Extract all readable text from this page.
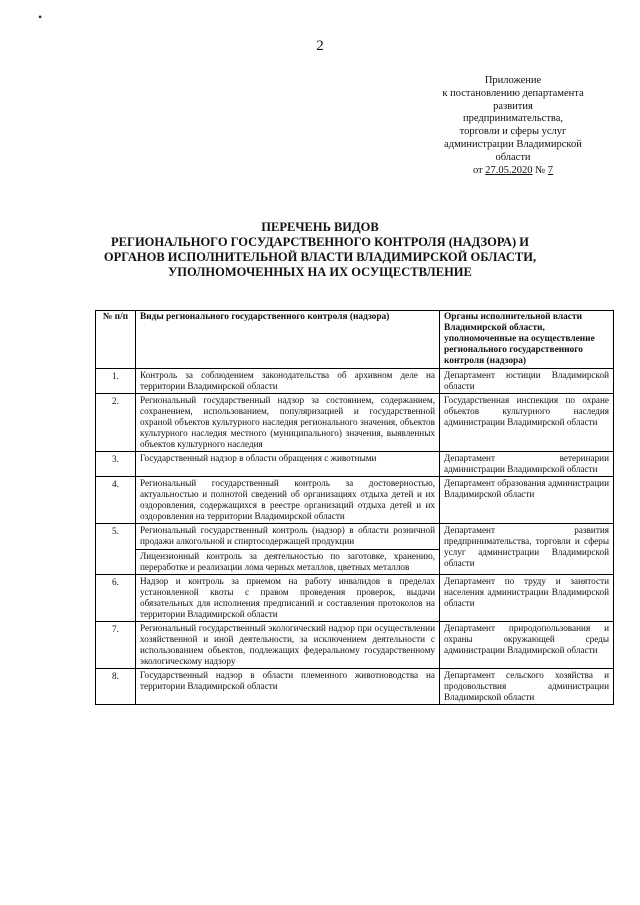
•
2
Приложение
к постановлению департамента
развития
предпринимательства,
торговли и сферы услуг
администрации Владимирской
области
от 27.05.2020 № 7
ПЕРЕЧЕНЬ ВИДОВ
РЕГИОНАЛЬНОГО ГОСУДАРСТВЕННОГО КОНТРОЛЯ (НАДЗОРА) И
ОРГАНОВ ИСПОЛНИТЕЛЬНОЙ ВЛАСТИ ВЛАДИМИРСКОЙ ОБЛАСТИ,
УПОЛНОМОЧЕННЫХ НА ИХ ОСУЩЕСТВЛЕНИЕ
№ п/п	Виды регионального государственного контроля (надзора)	Органы исполнительной власти Владимирской области, уполномоченные на осуществление регионального государственного контроля (надзора)
1.	Контроль за соблюдением законодательства об архивном деле на территории Владимирской области	Департамент юстиции Владимирской области
2.	Региональный государственный надзор за состоянием, содержанием, сохранением, использованием, популяризацией и государственной охраной объектов культурного наследия регионального значения, объектов культурного наследия местного (муниципального) значения, выявленных объектов культурного наследия	Государственная инспекция по охране объектов культурного наследия администрации Владимирской области
3.	Государственный надзор в области обращения с животными	Департамент ветеринарии администрации Владимирской области
4.	Региональный государственный контроль за достоверностью, актуальностью и полнотой сведений об организациях отдыха детей и их оздоровления, содержащихся в реестре организаций отдыха детей и их оздоровления на территории Владимирской области	Департамент образования администрации Владимирской области
5.	Региональный государственный контроль (надзор) в области розничной продажи алкогольной и спиртосодержащей продукции
Лицензионный контроль за деятельностью по заготовке, хранению, переработке и реализации лома черных металлов, цветных металлов	Департамент развития предпринимательства, торговли и сферы услуг администрации Владимирской области
6.	Надзор и контроль за приемом на работу инвалидов в пределах установленной квоты с правом проведения проверок, выдачи обязательных для исполнения предписаний и составления протоколов на территории Владимирской области	Департамент по труду и занятости населения администрации Владимирской области
7.	Региональный государственный экологический надзор при осуществлении хозяйственной и иной деятельности, за исключением деятельности с использованием объектов, подлежащих федеральному государственному экологическому надзору	Департамент природопользования и охраны окружающей среды администрации Владимирской области
8.	Государственный надзор в области племенного животноводства на территории Владимирской области	Департамент сельского хозяйства и продовольствия администрации Владимирской области
